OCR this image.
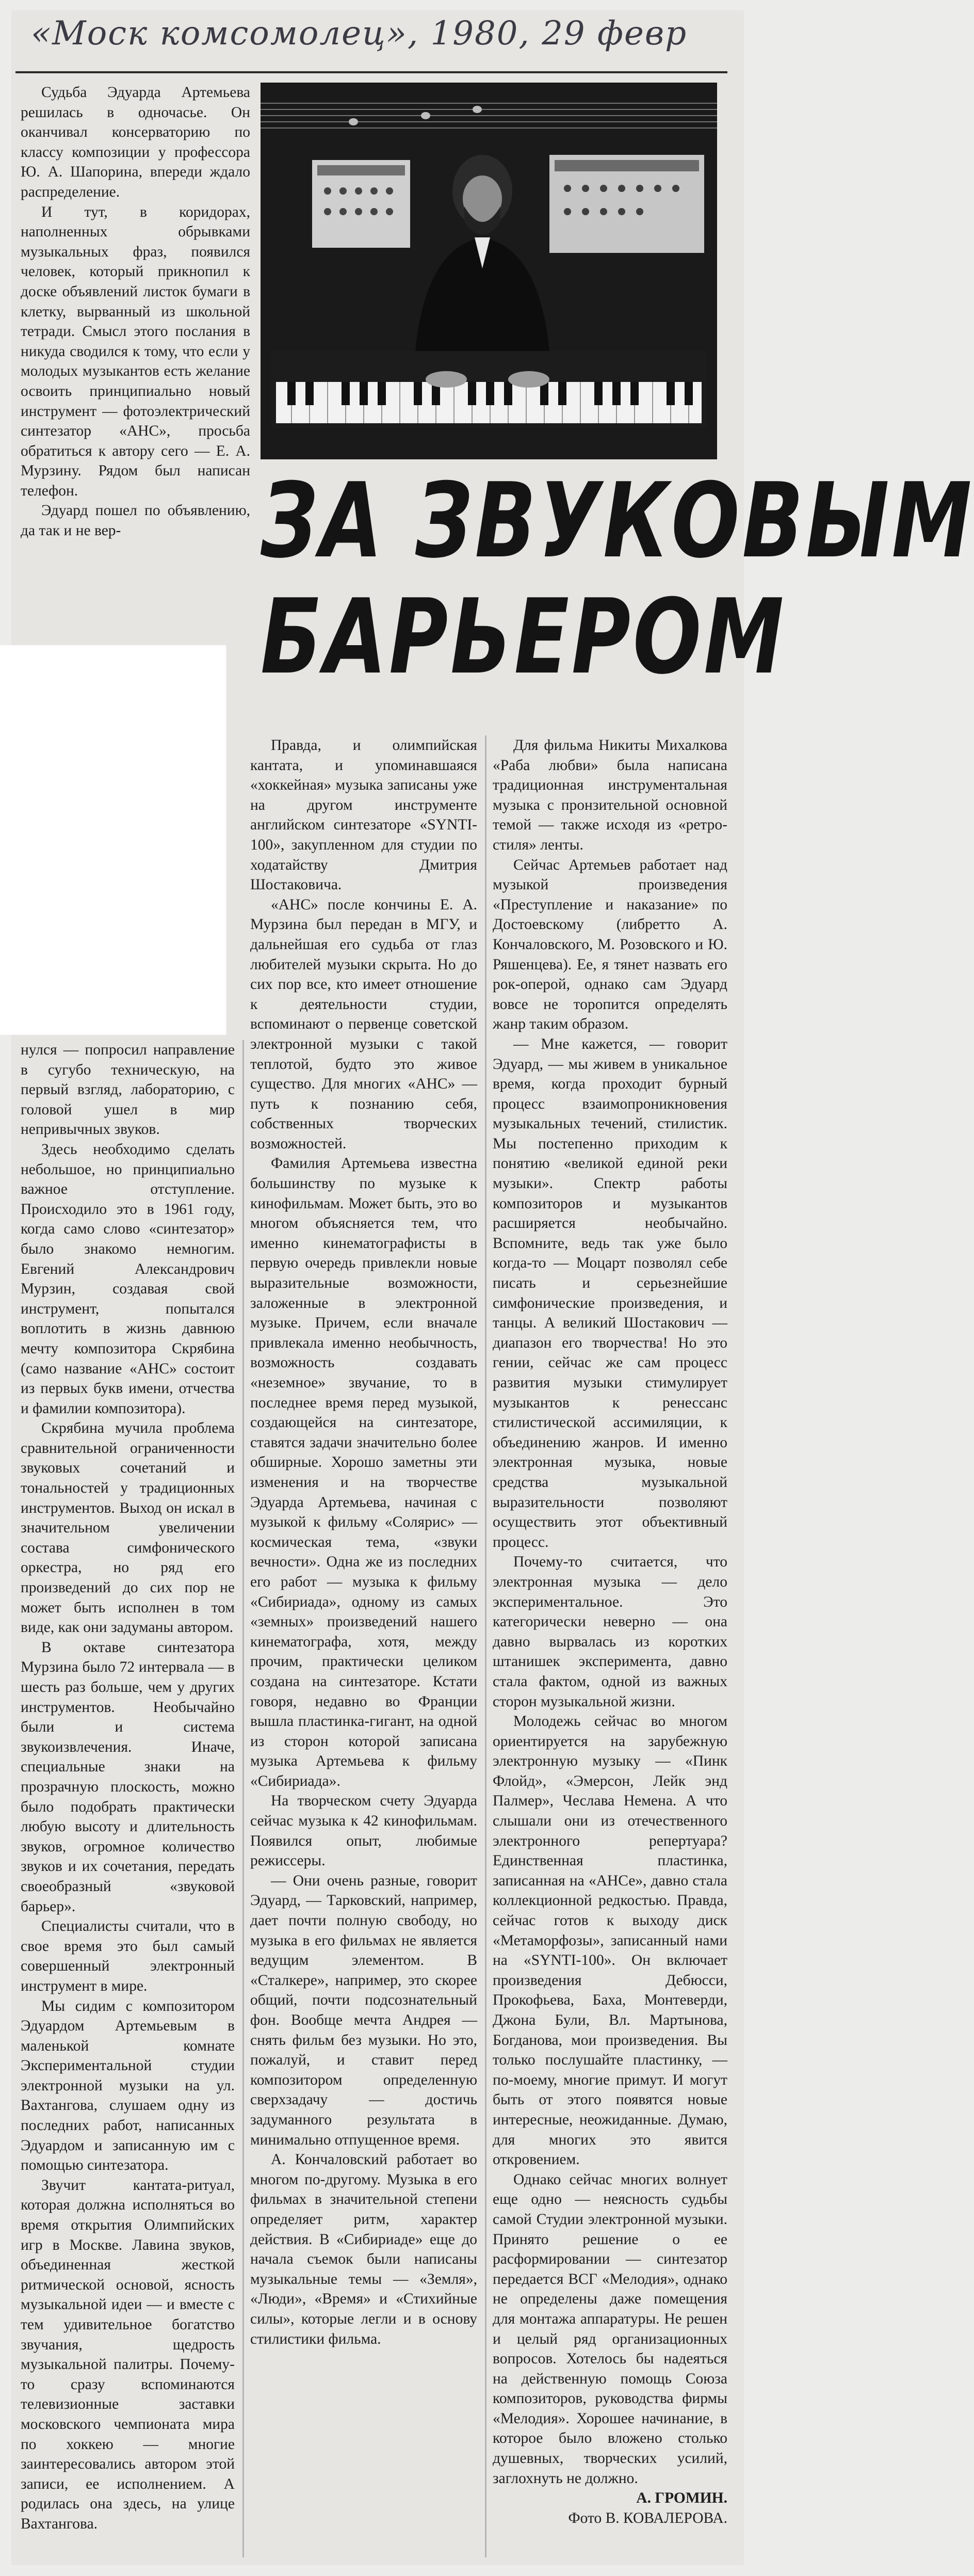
«Моск комсомолец», 1980, 29 февр
ЗА ЗВУКОВЫМ
БАРЬЕРОМ

Судьба Эдуарда Артемьева решилась в одночасье. Он оканчивал консерваторию по классу композиции у профессора Ю. А. Шапорина, впереди ждало распределение.

И тут, в коридорах, наполненных обрывками музыкальных фраз, появился человек, который прикнопил к доске объявлений листок бумаги в клетку, вырванный из школьной тетради. Смысл этого послания в никуда сводился к тому, что если у молодых музыкантов есть желание освоить принципиально новый инструмент — фотоэлектрический синтезатор «АНС», просьба обратиться к автору сего — Е. А. Мурзину. Рядом был написан телефон.

Эдуард пошел по объявлению, да так и не вер-

нулся — попросил направление в сугубо техническую, на первый взгляд, лабораторию, с головой ушел в мир непривычных звуков.

Здесь необходимо сделать небольшое, но принципиально важное отступление. Происходило это в 1961 году, когда само слово «синтезатор» было знакомо немногим. Евгений Александрович Мурзин, создавая свой инструмент, попытался воплотить в жизнь давнюю мечту композитора Скрябина (само название «АНС» состоит из первых букв имени, отчества и фамилии композитора).

Скрябина мучила проблема сравнительной ограниченности звуковых сочетаний и тональностей у традиционных инструментов. Выход он искал в значительном увеличении состава симфонического оркестра, но ряд его произведений до сих пор не может быть исполнен в том виде, как они задуманы автором.

В октаве синтезатора Мурзина было 72 интервала — в шесть раз больше, чем у других инструментов. Необычайно были и система звукоизвлечения. Иначе, специальные знаки на прозрачную плоскость, можно было подобрать практически любую высоту и длительность звуков, огромное количество звуков и их сочетания, передать своеобразный «звуковой барьер».

Специалисты считали, что в свое время это был самый совершенный электронный инструмент в мире.

Мы сидим с композитором Эдуардом Артемьевым в маленькой комнате Экспериментальной студии электронной музыки на ул. Вахтангова, слушаем одну из последних работ, написанных Эдуардом и записанную им с помощью синтезатора.

Звучит кантата-ритуал, которая должна исполняться во время открытия Олимпийских игр в Москве. Лавина звуков, объединенная жесткой ритмической основой, ясность музыкальной идеи — и вместе с тем удивительное богатство звучания, щедрость музыкальной палитры. Почему-то сразу вспоминаются телевизионные заставки московского чемпионата мира по хоккею — многие заинтересовались автором этой записи, ее исполнением. А родилась она здесь, на улице Вахтангова.

Правда, и олимпийская кантата, и упоминавшаяся «хоккейная» музыка записаны уже на другом инструменте английском синтезаторе «SYNTI-100», закупленном для студии по ходатайству Дмитрия Шостаковича.

«АНС» после кончины Е. А. Мурзина был передан в МГУ, и дальнейшая его судьба от глаз любителей музыки скрыта. Но до сих пор все, кто имеет отношение к деятельности студии, вспоминают о первенце советской электронной музыки с такой теплотой, будто это живое существо. Для многих «АНС» — путь к познанию себя, собственных творческих возможностей.

Фамилия Артемьева известна большинству по музыке к кинофильмам. Может быть, это во многом объясняется тем, что именно кинематографисты в первую очередь привлекли новые выразительные возможности, заложенные в электронной музыке. Причем, если вначале привлекала именно необычность, возможность создавать «неземное» звучание, то в последнее время перед музыкой, создающейся на синтезаторе, ставятся задачи значительно более обширные. Хорошо заметны эти изменения и на творчестве Эдуарда Артемьева, начиная с музыкой к фильму «Солярис» — космическая тема, «звуки вечности». Одна же из последних его работ — музыка к фильму «Сибириада», одному из самых «земных» произведений нашего кинематографа, хотя, между прочим, практически целиком создана на синтезаторе. Кстати говоря, недавно во Франции вышла пластинка-гигант, на одной из сторон которой записана музыка Артемьева к фильму «Сибириада».

На творческом счету Эдуарда сейчас музыка к 42 кинофильмам. Появился опыт, любимые режиссеры.

— Они очень разные, говорит Эдуард, — Тарковский, например, дает почти полную свободу, но музыка в его фильмах не является ведущим элементом. В «Сталкере», например, это скорее общий, почти подсознательный фон. Вообще мечта Андрея — снять фильм без музыки. Но это, пожалуй, и ставит перед композитором определенную сверхзадачу — достичь задуманного результата в минимально отпущенное время.

А. Кончаловский работает во многом по-другому. Музыка в его фильмах в значительной степени определяет ритм, характер действия. В «Сибириаде» еще до начала съемок были написаны музыкальные темы — «Земля», «Люди», «Время» и «Стихийные силы», которые легли и в основу стилистики фильма.

Для фильма Никиты Михалкова «Раба любви» была написана традиционная инструментальная музыка с пронзительной основной темой — также исходя из «ретро-стиля» ленты.

Сейчас Артемьев работает над музыкой произведения «Преступление и наказание» по Достоевскому (либретто А. Кончаловского, М. Розовского и Ю. Ряшенцева). Ее, я тянет назвать его рок-оперой, однако сам Эдуард вовсе не торопится определять жанр таким образом.

— Мне кажется, — говорит Эдуард, — мы живем в уникальное время, когда проходит бурный процесс взаимопроникновения музыкальных течений, стилистик. Мы постепенно приходим к понятию «великой единой реки музыки». Спектр работы композиторов и музыкантов расширяется необычайно. Вспомните, ведь так уже было когда-то — Моцарт позволял себе писать и серьезнейшие симфонические произведения, и танцы. А великий Шостакович — диапазон его творчества! Но это гении, сейчас же сам процесс развития музыки стимулирует музыкантов к ренессанс стилистической ассимиляции, к объединению жанров. И именно электронная музыка, новые средства музыкальной выразительности позволяют осуществить этот объективный процесс.

Почему-то считается, что электронная музыка — дело экспериментальное. Это категорически неверно — она давно вырвалась из коротких штанишек эксперимента, давно стала фактом, одной из важных сторон музыкальной жизни.

Молодежь сейчас во многом ориентируется на зарубежную электронную музыку — «Пинк Флойд», «Эмерсон, Лейк энд Палмер», Чеслава Немена. А что слышали они из отечественного электронного репертуара? Единственная пластинка, записанная на «АНСе», давно стала коллекционной редкостью. Правда, сейчас готов к выходу диск «Метаморфозы», записанный нами на «SYNTI-100». Он включает произведения Дебюсси, Прокофьева, Баха, Монтеверди, Джона Були, Вл. Мартынова, Богданова, мои произведения. Вы только послушайте пластинку, — по-моему, многие примут. И могут быть от этого появятся новые интересные, неожиданные. Думаю, для многих это явится откровением.

Однако сейчас многих волнует еще одно — неясность судьбы самой Студии электронной музыки. Принято решение о ее расформировании — синтезатор передается ВСГ «Мелодия», однако не определены даже помещения для монтажа аппаратуры. Не решен и целый ряд организационных вопросов. Хотелось бы надеяться на действенную помощь Союза композиторов, руководства фирмы «Мелодия». Хорошее начинание, в которое было вложено столько душевных, творческих усилий, заглохнуть не должно.

А. ГРОМИН.

Фото В. КОВАЛЕРОВА.
